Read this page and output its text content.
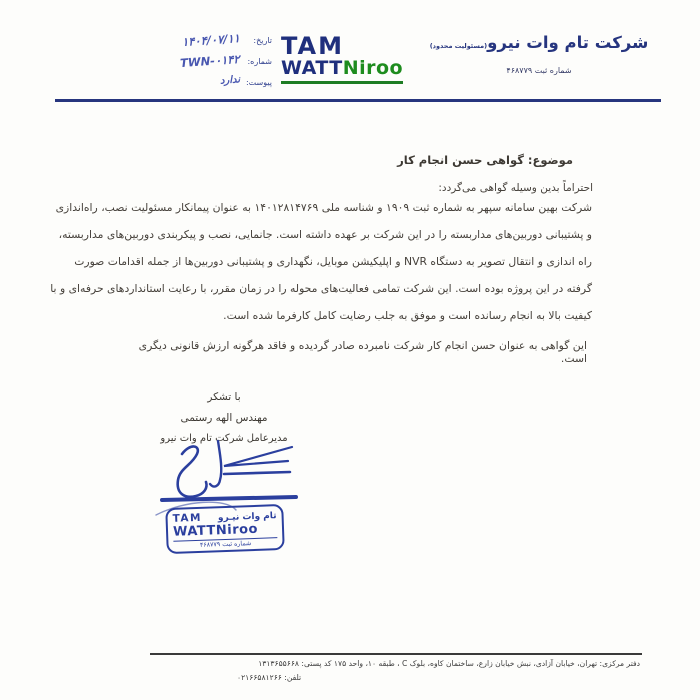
شرکت تام وات نیرو(مسئولیت محدود)
شماره ثبت ۴۶۸۷۷۹
TAM
WATTNiroo
تاریخ:
۱۴۰۴/۰۷/۱۱
شماره:
TWN-۰۱۴۲
پیوست:
ندارد
موضوع: گواهی حسن انجام کار
احتراماً بدین وسیله گواهی می‌گردد:
شرکت بهین سامانه سپهر به شماره ثبت ۱۹۰۹ و شناسه ملی ۱۴۰۱۲۸۱۴۷۶۹ به عنوان پیمانکار مسئولیت نصب، راه‌اندازی
و پشتیبانی دوربین‌های مداربسته را در این شرکت بر عهده داشته است. جانمایی، نصب و پیکربندی دوربین‌های مداربسته،
راه اندازی و انتقال تصویر به دستگاه NVR و اپلیکیشن موبایل، نگهداری و پشتیبانی دوربین‌ها از جمله اقدامات صورت
گرفته در این پروژه بوده است. این شرکت تمامی فعالیت‌های محوله را در زمان مقرر، با رعایت استانداردهای حرفه‌ای و با
کیفیت بالا به انجام رسانده است و موفق به جلب رضایت کامل کارفرما شده است.
این گواهی به عنوان حسن انجام کار شرکت نامبرده صادر گردیده و فاقد هرگونه ارزش قانونی دیگری است.
با تشکر
مهندس الهه رستمی
مدیرعامل شرکت تام وات نیرو
تام وات نیـرو
TAM
WATTNiroo
شماره ثبت ۴۶۸۷۷۹
دفتر مرکزی: تهران، خیابان آزادی، نبش خیابان زارع، ساختمان کاوه، بلوک C ، طبقه ۱۰، واحد ۱۷۵ کد پستی: ۱۳۱۳۶۵۵۶۶۸
تلفن: ۰۲۱۶۶۵۸۱۲۶۶
